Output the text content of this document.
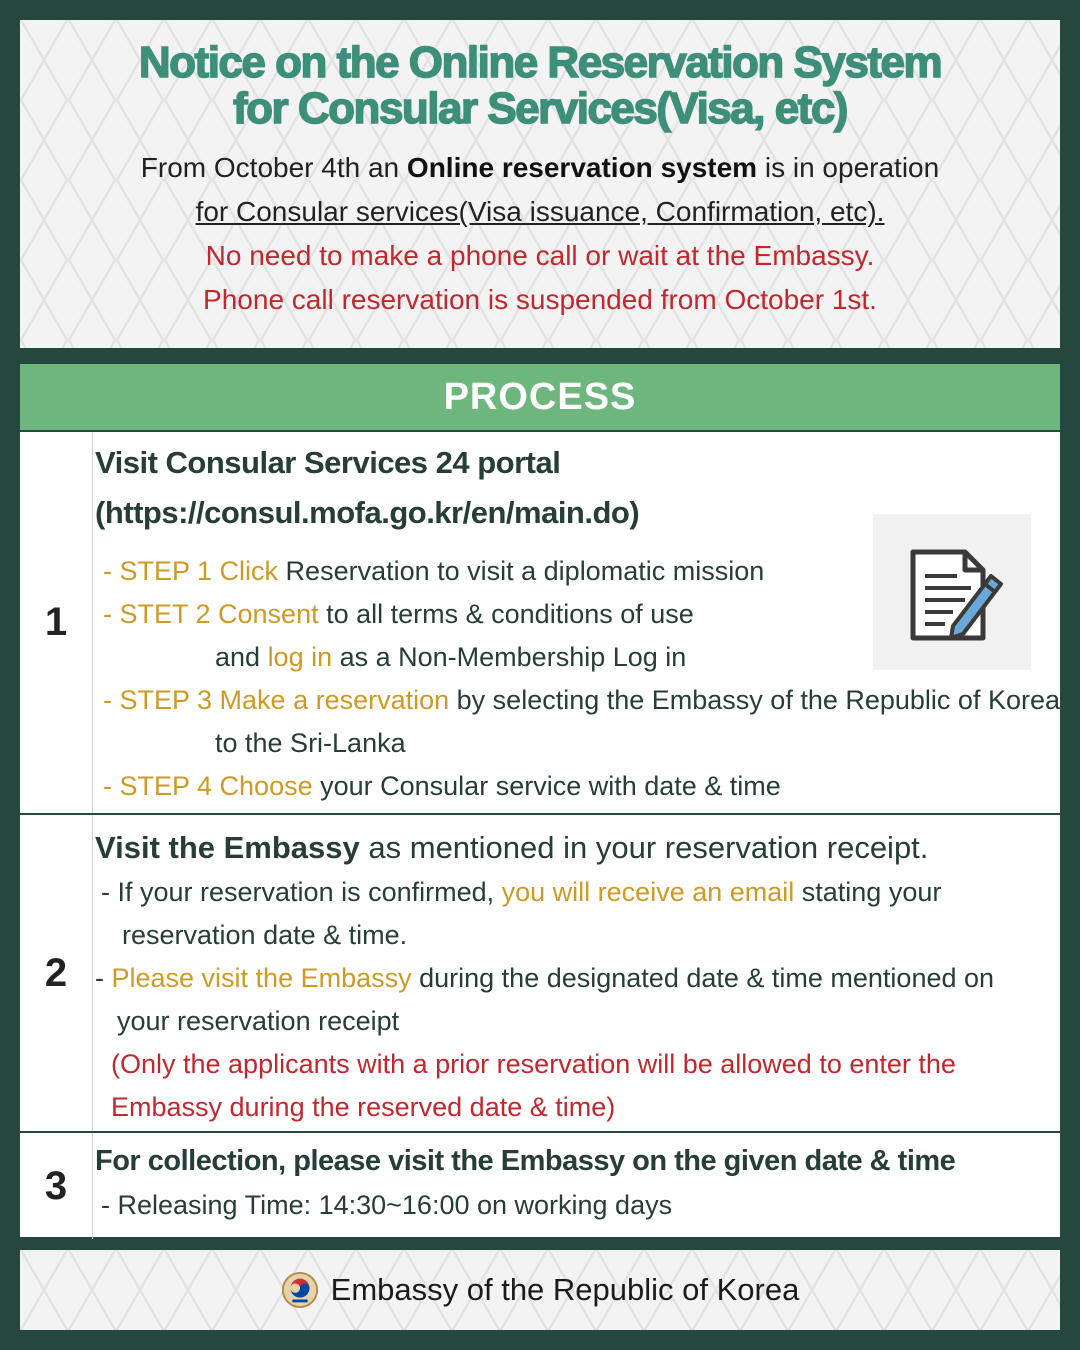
Notice on the Online Reservation System
for Consular Services(Visa, etc)
From October 4th an Online reservation system is in operation
for Consular services(Visa issuance, Confirmation, etc).
No need to make a phone call or wait at the Embassy.
Phone call reservation is suspended from October 1st.
PROCESS
1
Visit Consular Services 24 portal
(https://consul.mofa.go.kr/en/main.do)
- STEP 1 Click Reservation to visit a diplomatic mission
- STET 2 Consent to all terms & conditions of use
and log in as a Non-Membership Log in
- STEP 3 Make a reservation by selecting the Embassy of the Republic of Korea
to the Sri-Lanka
- STEP 4 Choose your Consular service with date & time
2
Visit the Embassy as mentioned in your reservation receipt.
- If your reservation is confirmed, you will receive an email stating your
reservation date & time.
- Please visit the Embassy during the designated date & time mentioned on
your reservation receipt
(Only the applicants with a prior reservation will be allowed to enter the
Embassy during the reserved date & time)
3
For collection, please visit the Embassy on the given date & time
- Releasing Time: 14:30~16:00 on working days
Embassy of the Republic of Korea
